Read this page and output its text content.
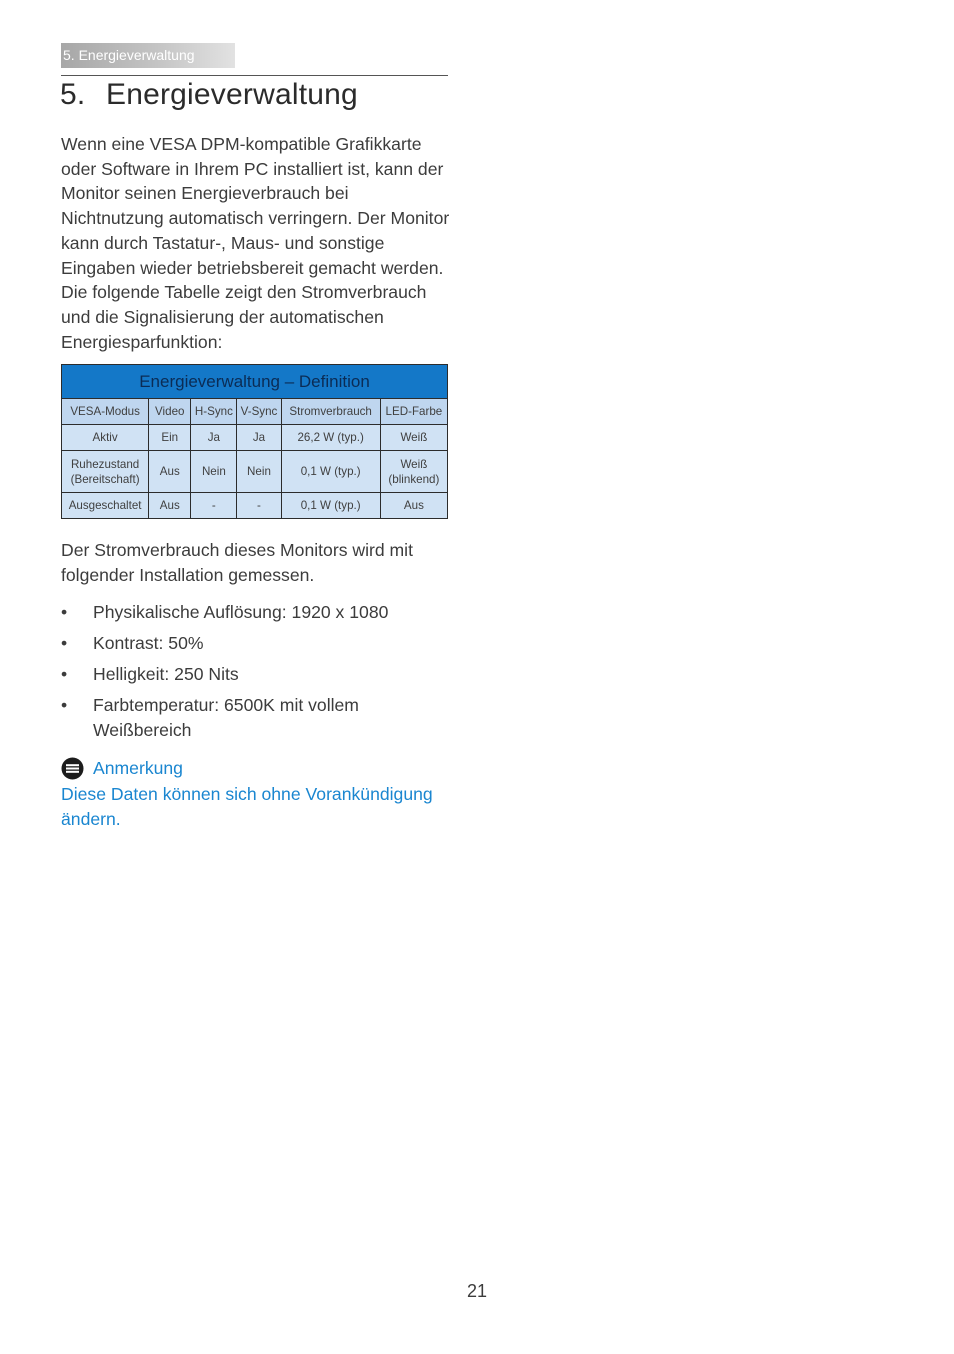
5. Energieverwaltung
5. Energieverwaltung

Wenn eine VESA DPM-kompatible Grafikkarte oder Software in Ihrem PC installiert ist, kann der Monitor seinen Energieverbrauch bei Nichtnutzung automatisch verringern. Der Monitor kann durch Tastatur-, Maus- und sonstige Eingaben wieder betriebsbereit gemacht werden. Die folgende Tabelle zeigt den Stromverbrauch und die Signalisierung der automatischen Energiesparfunktion:

Energieverwaltung – Definition					
VESA-Modus	Video	H-Sync	V-Sync	Stromverbrauch	LED-Farbe
Aktiv	Ein	Ja	Ja	26,2 W (typ.)	Weiß
Ruhezustand (Bereitschaft)	Aus	Nein	Nein	0,1 W (typ.)	Weiß (blinkend)
Ausgeschaltet	Aus	-	-	0,1 W (typ.)	Aus

Der Stromverbrauch dieses Monitors wird mit folgender Installation gemessen.

•	Physikalische Auflösung: 1920 x 1080
•	Kontrast: 50%
•	Helligkeit: 250 Nits
•	Farbtemperatur: 6500K mit vollem Weißbereich
Anmerkung

Diese Daten können sich ohne Vorankündigung ändern.

21
